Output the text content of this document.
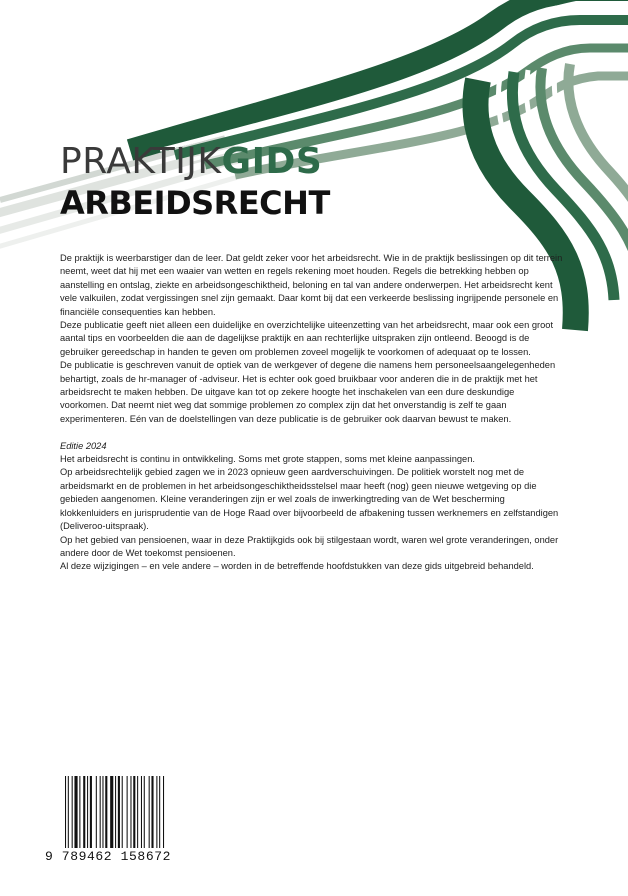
PRAKTIJKGIDS
ARBEIDSRECHT

De praktijk is weerbarstiger dan de leer. Dat geldt zeker voor het arbeidsrecht. Wie in de praktijk beslissingen op dit terrein neemt, weet dat hij met een waaier van wetten en regels rekening moet houden. Regels die betrekking hebben op aanstelling en ontslag, ziekte en arbeidsongeschiktheid, beloning en tal van andere onderwerpen. Het arbeidsrecht kent vele valkuilen, zodat vergissingen snel zijn gemaakt. Daar komt bij dat een verkeerde beslissing ingrijpende personele en financiële consequenties kan hebben.

Deze publicatie geeft niet alleen een duidelijke en overzichtelijke uiteenzetting van het arbeidsrecht, maar ook een groot aantal tips en voorbeelden die aan de dagelijkse praktijk en aan rechterlijke uitspraken zijn ontleend. Beoogd is de gebruiker gereedschap in handen te geven om problemen zoveel mogelijk te voorkomen of adequaat op te lossen.

De publicatie is geschreven vanuit de optiek van de werkgever of degene die namens hem personeelsaangelegenheden behartigt, zoals de hr-manager of -adviseur. Het is echter ook goed bruikbaar voor anderen die in de praktijk met het arbeidsrecht te maken hebben. De uitgave kan tot op zekere hoogte het inschakelen van een dure deskundige voorkomen. Dat neemt niet weg dat sommige problemen zo complex zijn dat het onverstandig is zelf te gaan experimenteren. Eén van de doelstellingen van deze publicatie is de gebruiker ook daarvan bewust te maken.

Editie 2024

Het arbeidsrecht is continu in ontwikkeling. Soms met grote stappen, soms met kleine aanpassingen.

Op arbeidsrechtelijk gebied zagen we in 2023 opnieuw geen aardverschuivingen. De politiek worstelt nog met de arbeidsmarkt en de problemen in het arbeidsongeschiktheidsstelsel maar heeft (nog) geen nieuwe wetgeving op die gebieden aangenomen. Kleine veranderingen zijn er wel zoals de inwerkingtreding van de Wet bescherming klokkenluiders en jurisprudentie van de Hoge Raad over bijvoorbeeld de afbakening tussen werknemers en zelfstandigen (Deliveroo-uitspraak).

Op het gebied van pensioenen, waar in deze Praktijkgids ook bij stilgestaan wordt, waren wel grote veranderingen, onder andere door de Wet toekomst pensioenen.

Al deze wijzigingen – en vele andere – worden in de betreffende hoofdstukken van deze gids uitgebreid behandeld.

9 789462 158672
